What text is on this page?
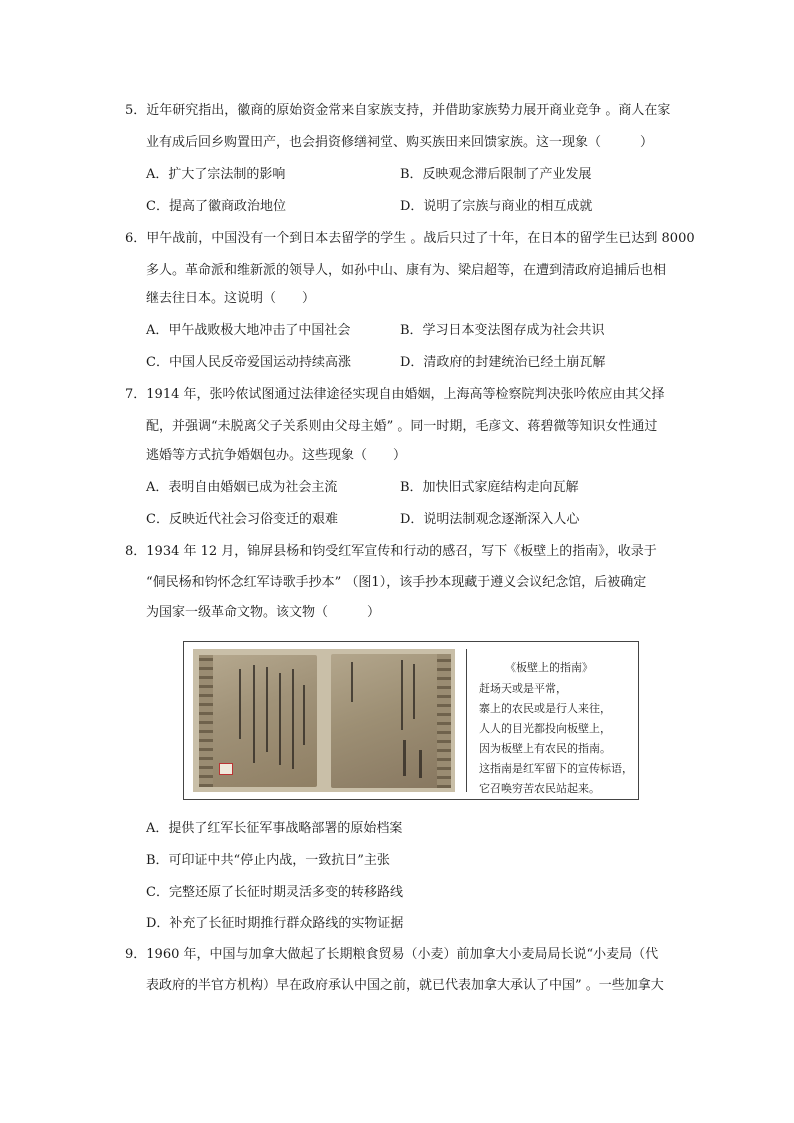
5．近年研究指出，徽商的原始资金常来自家族支持，并借助家族势力展开商业竞争 。商人在家
业有成后回乡购置田产，也会捐资修缮祠堂、购买族田来回馈家族。这一现象（　　　）
A．扩大了宗法制的影响	B．反映观念滞后限制了产业发展
C．提高了徽商政治地位	D．说明了宗族与商业的相互成就
6．甲午战前，中国没有一个到日本去留学的学生 。战后只过了十年，在日本的留学生已达到 8000
多人。革命派和维新派的领导人，如孙中山、康有为、梁启超等，在遭到清政府追捕后也相
继去往日本。这说明（　　）
A．甲午战败极大地冲击了中国社会	B．学习日本变法图存成为社会共识
C．中国人民反帝爱国运动持续高涨	D．清政府的封建统治已经土崩瓦解
7．1914 年，张吟侬试图通过法律途径实现自由婚姻，上海高等检察院判决张吟侬应由其父择
配，并强调“未脱离父子关系则由父母主婚” 。同一时期，毛彦文、蒋碧微等知识女性通过
逃婚等方式抗争婚姻包办。这些现象（　　）
A．表明自由婚姻已成为社会主流	B．加快旧式家庭结构走向瓦解
C．反映近代社会习俗变迁的艰难	D．说明法制观念逐渐深入人心
8．1934 年 12 月，锦屏县杨和钧受红军宣传和行动的感召，写下《板壁上的指南》，收录于
“侗民杨和钧怀念红军诗歌手抄本” （图1），该手抄本现藏于遵义会议纪念馆，后被确定
为国家一级革命文物。该文物（　　　）
《板壁上的指南》
赶场天或是平常，
寨上的农民或是行人来往，
人人的目光都投向板壁上，
因为板壁上有农民的指南。
这指南是红军留下的宣传标语，
它召唤穷苦农民站起来。
A．提供了红军长征军事战略部署的原始档案
B．可印证中共“停止内战，一致抗日”主张
C．完整还原了长征时期灵活多变的转移路线
D．补充了长征时期推行群众路线的实物证据
9．1960 年，中国与加拿大做起了长期粮食贸易（小麦）前加拿大小麦局局长说“小麦局（代
表政府的半官方机构）早在政府承认中国之前，就已代表加拿大承认了中国” 。一些加拿大
